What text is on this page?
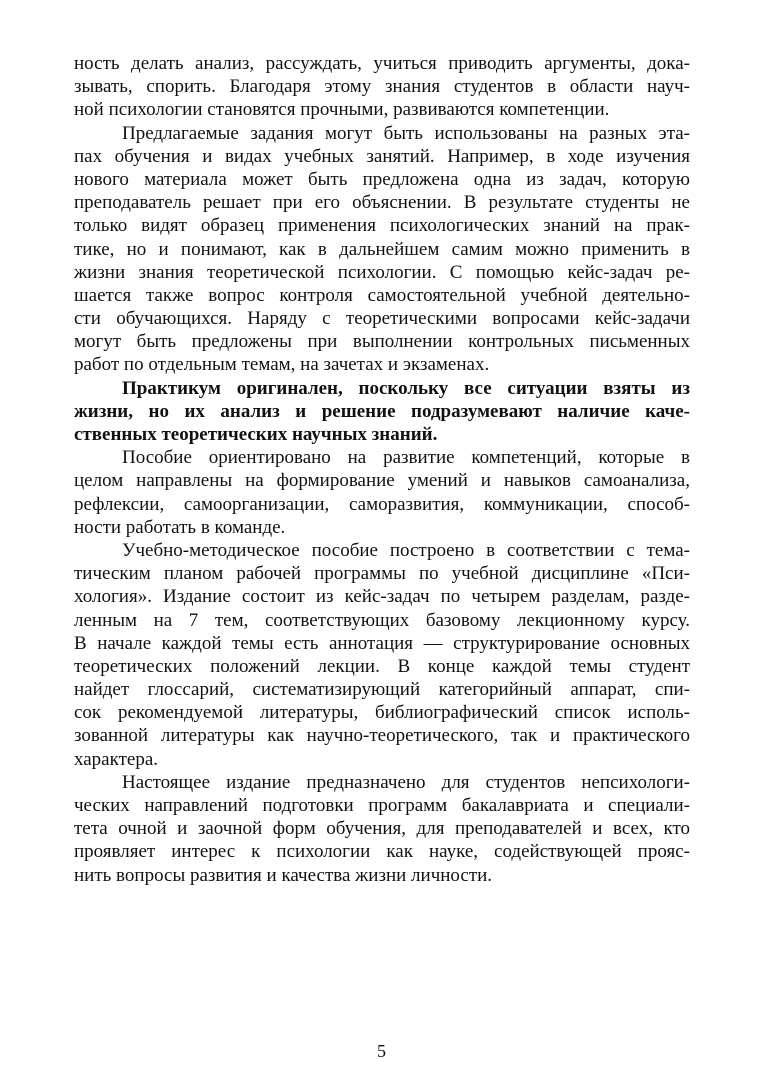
ность делать анализ, рассуждать, учиться приводить аргументы, дока-
зывать, спорить. Благодаря этому знания студентов в области науч-
ной психологии становятся прочными, развиваются компетенции.
Предлагаемые задания могут быть использованы на разных эта-
пах обучения и видах учебных занятий. Например, в ходе изучения
нового материала может быть предложена одна из задач, которую
преподаватель решает при его объяснении. В результате студенты не
только видят образец применения психологических знаний на прак-
тике, но и понимают, как в дальнейшем самим можно применить в
жизни знания теоретической психологии. С помощью кейс-задач ре-
шается также вопрос контроля самостоятельной учебной деятельно-
сти обучающихся. Наряду с теоретическими вопросами кейс-задачи
могут быть предложены при выполнении контрольных письменных
работ по отдельным темам, на зачетах и экзаменах.
Практикум оригинален, поскольку все ситуации взяты из
жизни, но их анализ и решение подразумевают наличие каче-
ственных теоретических научных знаний.
Пособие ориентировано на развитие компетенций, которые в
целом направлены на формирование умений и навыков самоанализа,
рефлексии, самоорганизации, саморазвития, коммуникации, способ-
ности работать в команде.
Учебно-методическое пособие построено в соответствии с тема-
тическим планом рабочей программы по учебной дисциплине «Пси-
хология». Издание состоит из кейс-задач по четырем разделам, разде-
ленным на 7 тем, соответствующих базовому лекционному курсу.
В начале каждой темы есть аннотация — структурирование основных
теоретических положений лекции. В конце каждой темы студент
найдет глоссарий, систематизирующий категорийный аппарат, спи-
сок рекомендуемой литературы, библиографический список исполь-
зованной литературы как научно-теоретического, так и практического
характера.
Настоящее издание предназначено для студентов непсихологи-
ческих направлений подготовки программ бакалавриата и специали-
тета очной и заочной форм обучения, для преподавателей и всех, кто
проявляет интерес к психологии как науке, содействующей прояс-
нить вопросы развития и качества жизни личности.
5
